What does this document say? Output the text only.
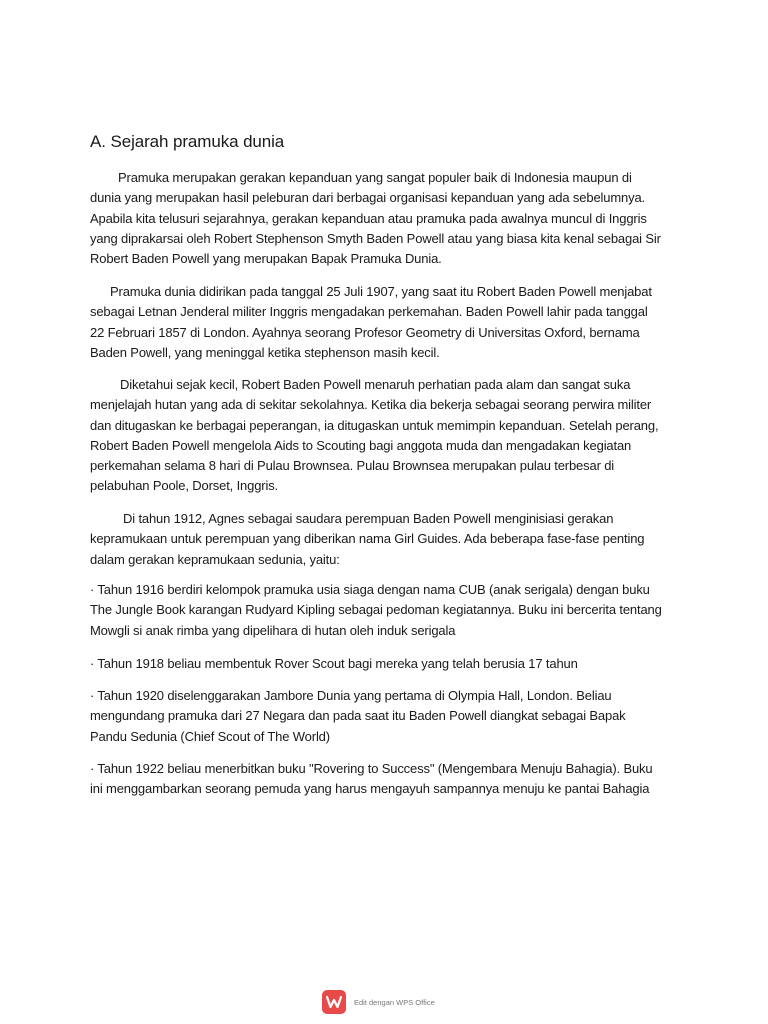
A. Sejarah pramuka dunia
Pramuka merupakan gerakan kepanduan yang sangat populer baik di Indonesia maupun di dunia yang merupakan hasil peleburan dari berbagai organisasi kepanduan yang ada sebelumnya. Apabila kita telusuri sejarahnya, gerakan kepanduan atau pramuka pada awalnya muncul di Inggris yang diprakarsai oleh Robert Stephenson Smyth Baden Powell atau yang biasa kita kenal sebagai Sir Robert Baden Powell yang merupakan Bapak Pramuka Dunia.
Pramuka dunia didirikan pada tanggal 25 Juli 1907, yang saat itu Robert Baden Powell menjabat sebagai Letnan Jenderal militer Inggris mengadakan perkemahan. Baden Powell lahir pada tanggal 22 Februari 1857 di London. Ayahnya seorang Profesor Geometry di Universitas Oxford, bernama Baden Powell, yang meninggal ketika stephenson masih kecil.
Diketahui sejak kecil, Robert Baden Powell menaruh perhatian pada alam dan sangat suka menjelajah hutan yang ada di sekitar sekolahnya. Ketika dia bekerja sebagai seorang perwira militer dan ditugaskan ke berbagai peperangan, ia ditugaskan untuk memimpin kepanduan. Setelah perang, Robert Baden Powell mengelola Aids to Scouting bagi anggota muda dan mengadakan kegiatan perkemahan selama 8 hari di Pulau Brownsea. Pulau Brownsea merupakan pulau terbesar di pelabuhan Poole, Dorset, Inggris.
Di tahun 1912, Agnes sebagai saudara perempuan Baden Powell menginisiasi gerakan kepramukaan untuk perempuan yang diberikan nama Girl Guides. Ada beberapa fase-fase penting dalam gerakan kepramukaan sedunia, yaitu:
· Tahun 1916 berdiri kelompok pramuka usia siaga dengan nama CUB (anak serigala) dengan buku The Jungle Book karangan Rudyard Kipling sebagai pedoman kegiatannya. Buku ini bercerita tentang Mowgli si anak rimba yang dipelihara di hutan oleh induk serigala
· Tahun 1918 beliau membentuk Rover Scout bagi mereka yang telah berusia 17 tahun
· Tahun 1920 diselenggarakan Jambore Dunia yang pertama di Olympia Hall, London. Beliau mengundang pramuka dari 27 Negara dan pada saat itu Baden Powell diangkat sebagai Bapak Pandu Sedunia (Chief Scout of The World)
· Tahun 1922 beliau menerbitkan buku "Rovering to Success" (Mengembara Menuju Bahagia). Buku ini menggambarkan seorang pemuda yang harus mengayuh sampannya menuju ke pantai Bahagia
Edit dengan WPS Office
